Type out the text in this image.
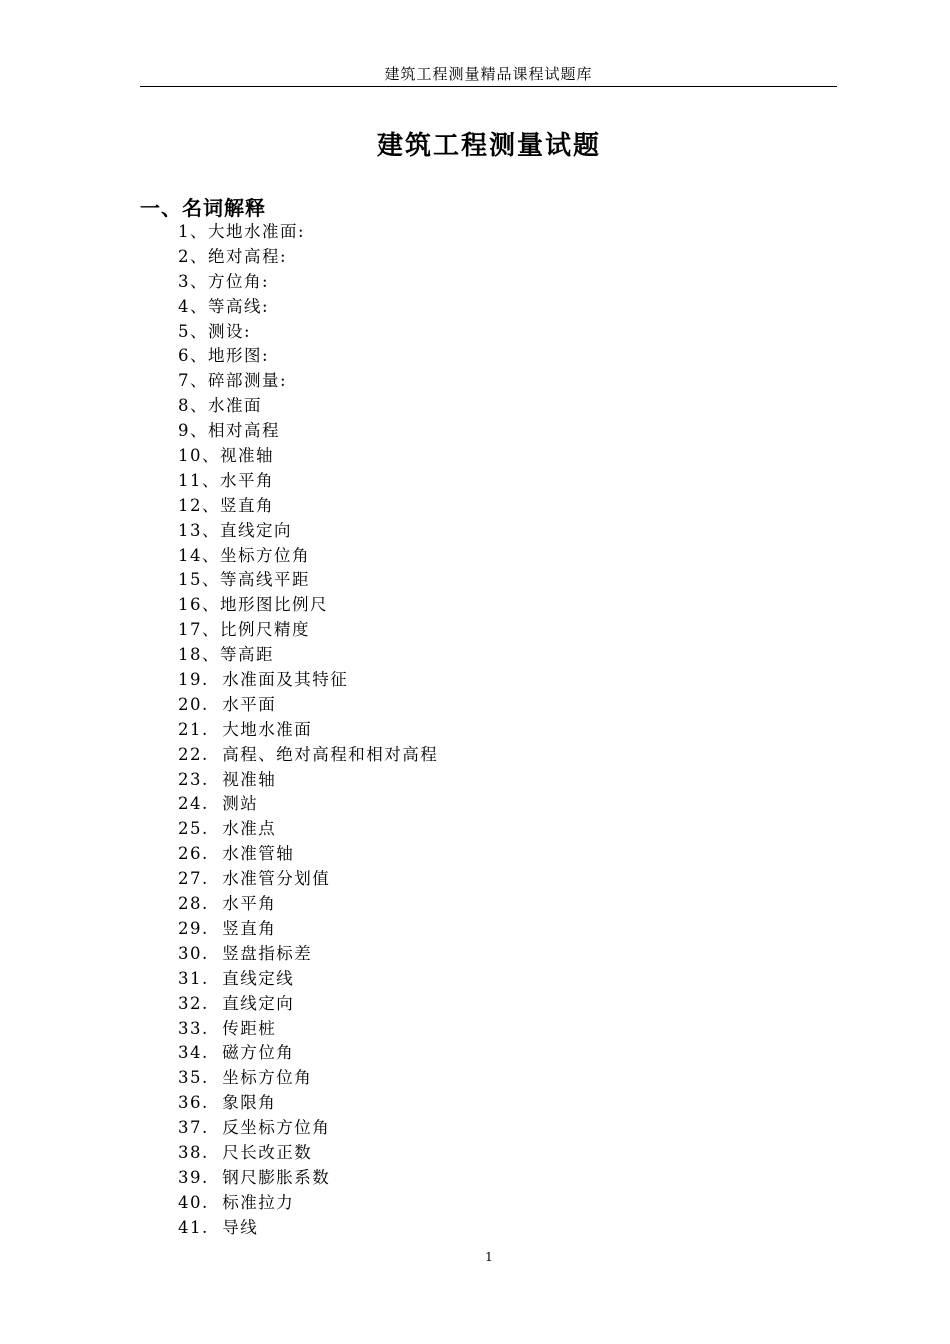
建筑工程测量精品课程试题库
建筑工程测量试题
一、名词解释
1、大地水准面:
2、绝对高程:
3、方位角:
4、等高线:
5、测设:
6、地形图:
7、碎部测量:
8、水准面
9、相对高程
10、视准轴
11、水平角
12、竖直角
13、直线定向
14、坐标方位角
15、等高线平距
16、地形图比例尺
17、比例尺精度
18、等高距
19.  水准面及其特征
20.  水平面
21.  大地水准面
22.  高程、绝对高程和相对高程
23.  视准轴
24.  测站
25.  水准点
26.  水准管轴
27.  水准管分划值
28.  水平角
29.  竖直角
30.  竖盘指标差
31.  直线定线
32.  直线定向
33.  传距桩
34.  磁方位角
35.  坐标方位角
36.  象限角
37.  反坐标方位角
38.  尺长改正数
39.  钢尺膨胀系数
40.  标准拉力
41.  导线
1
